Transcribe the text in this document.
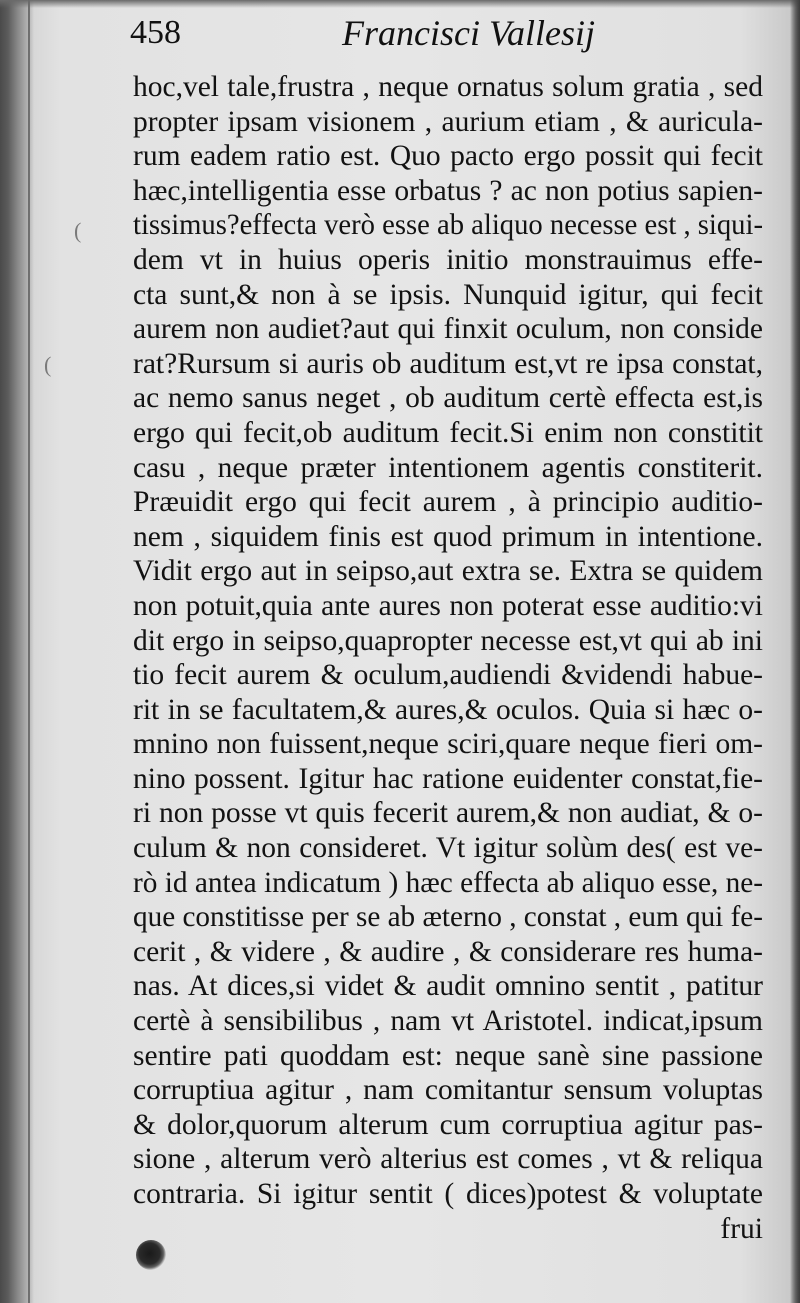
458	Francisci Vallesij
(
(
hoc,vel tale,frustra , neque ornatus solum gratia , sed
propter ipsam visionem , aurium etiam , & auricula-
rum eadem ratio est. Quo pacto ergo possit qui fecit
hæc,intelligentia esse orbatus ? ac non potius sapien-
tissimus?effecta verò esse ab aliquo necesse est , siqui-
dem vt in huius operis initio monstrauimus effe-
cta sunt,& non à se ipsis. Nunquid igitur, qui fecit
aurem non audiet?aut qui finxit oculum, non conside
rat?Rursum si auris ob auditum est,vt re ipsa constat,
ac nemo sanus neget , ob auditum certè effecta est,is
ergo qui fecit,ob auditum fecit.Si enim non constitit
casu , neque præter intentionem agentis constiterit.
Præuidit ergo qui fecit aurem , à principio auditio-
nem , siquidem finis est quod primum in intentione.
Vidit ergo aut in seipso,aut extra se. Extra se quidem
non potuit,quia ante aures non poterat esse auditio:vi
dit ergo in seipso,quapropter necesse est,vt qui ab ini
tio fecit aurem & oculum,audiendi &videndi habue-
rit in se facultatem,& aures,& oculos. Quia si hæc o-
mnino non fuissent,neque sciri,quare neque fieri om-
nino possent. Igitur hac ratione euidenter constat,fie-
ri non posse vt quis fecerit aurem,& non audiat, & o-
culum & non consideret. Vt igitur solùm des( est ve-
rò id antea indicatum ) hæc effecta ab aliquo esse, ne-
que constitisse per se ab æterno , constat , eum qui fe-
cerit , & videre , & audire , & considerare res huma-
nas. At dices,si videt & audit omnino sentit , patitur
certè à sensibilibus , nam vt Aristotel. indicat,ipsum
sentire pati quoddam est: neque sanè sine passione
corruptiua agitur , nam comitantur sensum voluptas
& dolor,quorum alterum cum corruptiua agitur pas-
sione , alterum verò alterius est comes , vt & reliqua
contraria. Si igitur sentit ( dices)potest & voluptate
frui
